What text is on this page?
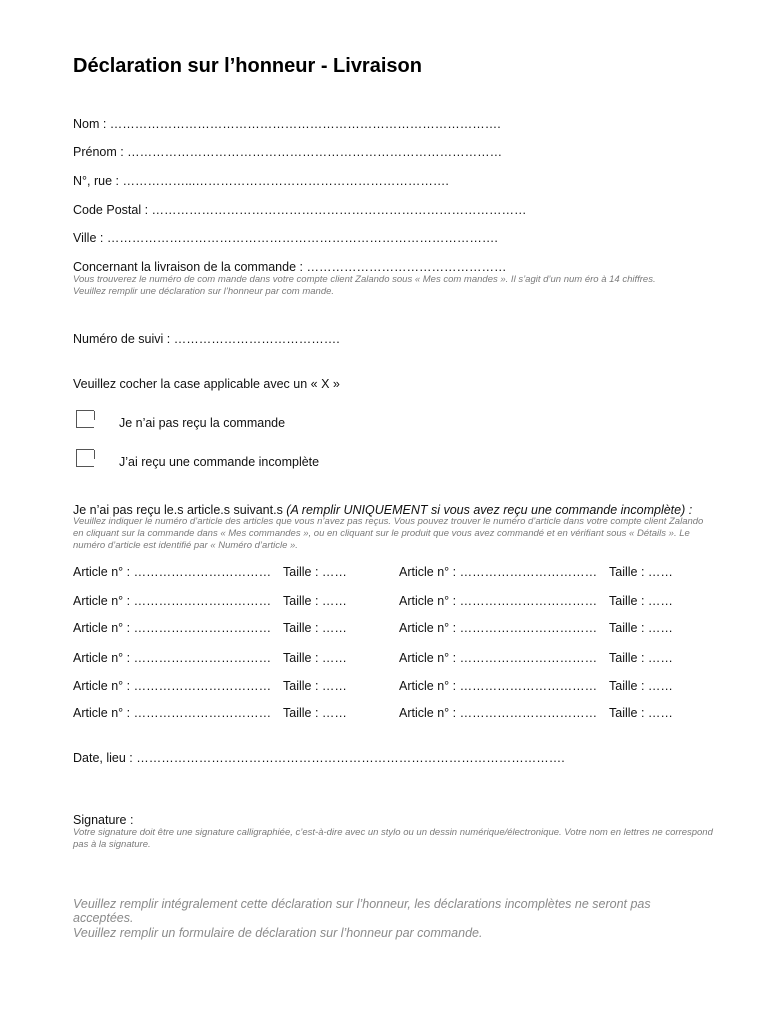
Déclaration sur l’honneur - Livraison
Nom : ………………………………………………………………………………….
Prénom : ………………………………………………………………………………
N°, rue : ……………...…………………………………………………….
Code Postal : ………………………………………………………………………………
Ville : ………………………………………………………………………………….
Concernant la livraison de la commande : …………………………………………
Vous trouverez le numéro de com mande dans votre compte client Zalando sous « Mes com mandes ». Il s’agit d’un num éro à 14 chiffres.
Veuillez remplir une déclaration sur l’honneur par com mande.
Numéro de suivi : ………………………………….
Veuillez cocher la case applicable avec un « X »
Je n’ai pas reçu la commande
J’ai reçu une commande incomplète
Je n’ai pas reçu le.s article.s suivant.s (A remplir UNIQUEMENT si vous avez reçu une commande incomplète) :
Veuillez indiquer le numéro d’article des articles que vous n’avez pas reçus. Vous pouvez trouver le numéro d’article dans votre compte client Zalando en cliquant sur la commande dans « Mes commandes », ou en cliquant sur le produit que vous avez commandé et en vérifiant sous « Détails ». Le numéro d’article est identifié par « Numéro d’article ».
Article n° : …………………………… Taille : ……	Article n° : …………………………… Taille : ……
Article n° : …………………………… Taille : ……	Article n° : …………………………… Taille : ……
Article n° : …………………………… Taille : ……	Article n° : …………………………… Taille : ……
Article n° : …………………………… Taille : ……	Article n° : …………………………… Taille : ……
Article n° : …………………………… Taille : ……	Article n° : …………………………… Taille : ……
Article n° : …………………………… Taille : ……	Article n° : …………………………… Taille : ……
Date, lieu : ………………………………………………………………………………………….
Signature :
Votre signature doit être une signature calligraphiée, c’est-à-dire avec un stylo ou un dessin numérique/électronique. Votre nom en lettres ne correspond pas à la signature.
Veuillez remplir intégralement cette déclaration sur l’honneur, les déclarations incomplètes ne seront pas acceptées.
Veuillez remplir un formulaire de déclaration sur l’honneur par commande.
